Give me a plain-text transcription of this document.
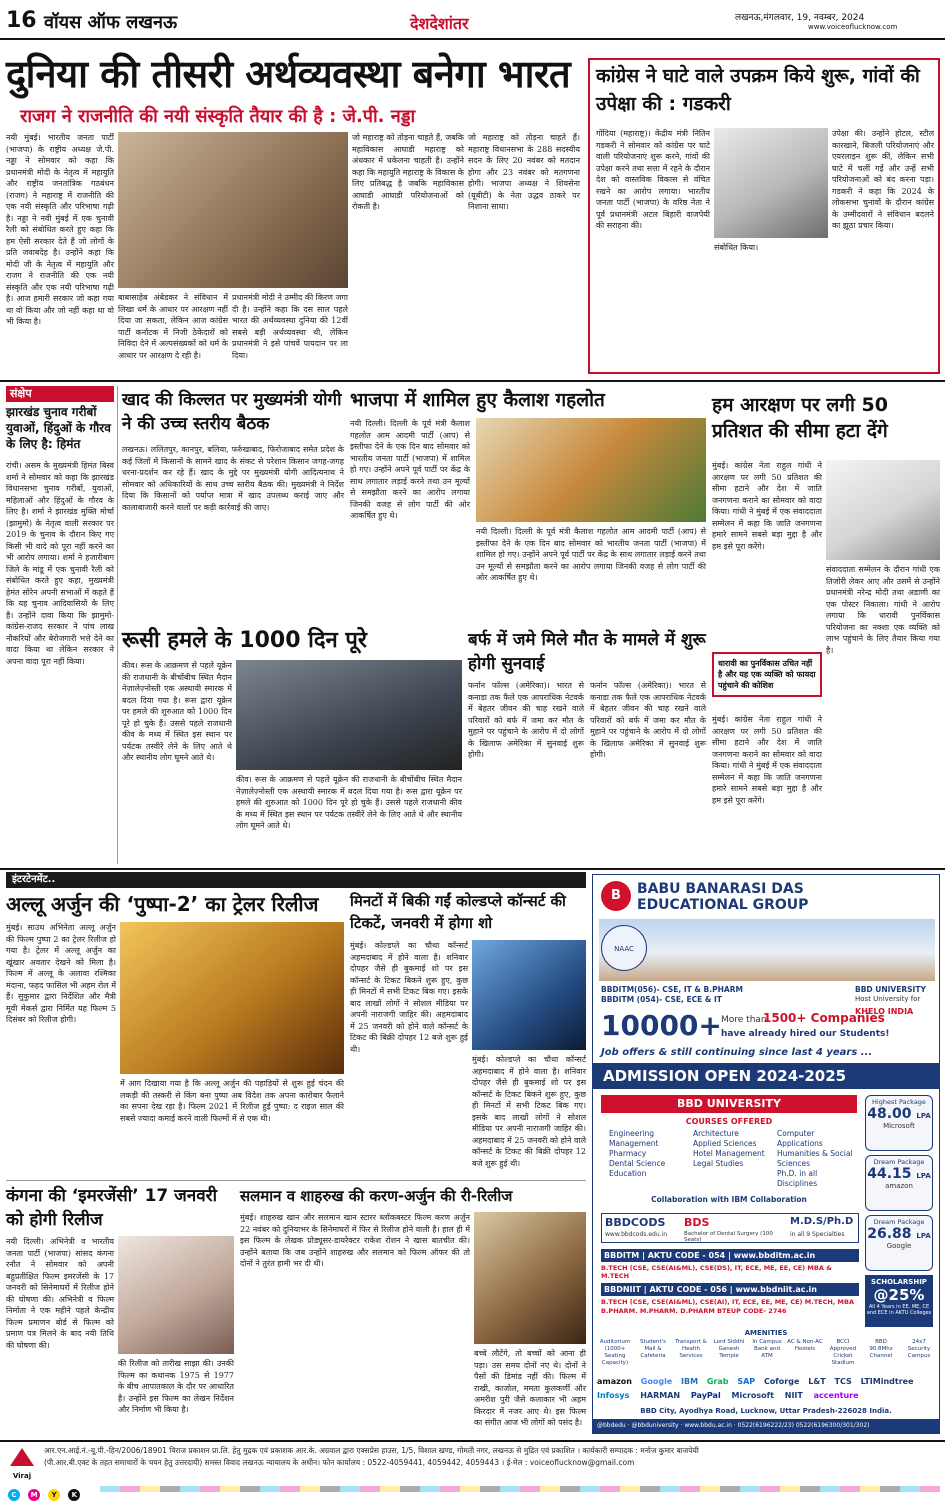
16 वॉयस ऑफ लखनऊ	देशदेशांतर	लखनऊ,मंगलवार, 19, नवम्बर, 2024
www.voiceoflucknow.com
दुनिया की तीसरी अर्थव्यवस्था बनेगा भारत
राजग ने राजनीति की नयी संस्कृति तैयार की है : जे.पी. नड्डा
नयी मुंबई। भारतीय जनता पार्टी (भाजपा) के राष्ट्रीय अध्यक्ष जे.पी. नड्डा ने सोमवार को कहा कि प्रधानमंत्री मोदी के नेतृत्व में महायुति और राष्ट्रीय जनतांत्रिक गठबंधन (राजग) ने महाराष्ट्र में राजनीति की एक नयी संस्कृति और परिभाषा गढ़ी है। नड्डा ने नवी मुंबई में एक चुनावी रैली को संबोधित करते हुए कहा कि हम ऐसी सरकार देते हैं जो लोगों के प्रति जवाबदेह है। उन्होंने कहा कि मोदी जी के नेतृत्व में महायुति और राजग ने राजनीति की एक नयी संस्कृति और एक नयी परिभाषा गढ़ी है। आज हमारी सरकार जो कहा गया था वो किया और जो नहीं कहा था वो भी किया है।
बाबासाहेब अंबेडकर ने संविधान में लिखा धर्म के आधार पर आरक्षण नहीं दिया जा सकता, लेकिन आज कांग्रेस पार्टी कर्नाटक में निजी ठेकेदारों को निविदा देने में अल्पसंख्यकों को धर्म के आधार पर आरक्षण दे रही है।
प्रधानमंत्री मोदी ने उम्मीद की किरण जगा दी है। उन्होंने कहा कि दस साल पहले भारत की अर्थव्यवस्था दुनिया की 12वीं सबसे बड़ी अर्थव्यवस्था थी, लेकिन प्रधानमंत्री ने इसे पांचवें पायदान पर ला दिया।
जो महाराष्ट्र को तोड़ना चाहते हैं, जबकि महाविकास आघाडी महाराष्ट्र को अंधकार में धकेलना चाहती है। उन्होंने कहा कि महायुति महाराष्ट्र के विकास के लिए प्रतिबद्ध है जबकि महाविकास आघाडी आघाडी परियोजनाओं को रोकती है।
जो महाराष्ट्र को तोड़ना चाहते हैं। महाराष्ट्र विधानसभा के 288 सदस्यीय सदन के लिए 20 नवंबर को मतदान होगा और 23 नवंबर को मतगणना होगी। भाजपा अध्यक्ष ने शिवसेना (यूबीटी) के नेता उद्धव ठाकरे पर निशाना साधा।
कांग्रेस ने घाटे वाले उपक्रम किये शुरू, गांवों की उपेक्षा की : गडकरी
गोंदिया (महाराष्ट्र)। केंद्रीय मंत्री नितिन गडकरी ने सोमवार को कांग्रेस पर घाटे वाली परियोजनाएं शुरू करने, गांवों की उपेक्षा करने तथा सत्ता में रहने के दौरान देश को वास्तविक विकास से वंचित रखने का आरोप लगाया। भारतीय जनता पार्टी (भाजपा) के वरिष्ठ नेता ने पूर्व प्रधानमंत्री अटल बिहारी वाजपेयी की सराहना की।
संबोधित किया।
उपेक्षा की। उन्होंने होटल, स्टील कारखाने, बिजली परियोजनाएं और एयरलाइन शुरू कीं, लेकिन सभी घाटे में चलीं गईं और उन्हें सभी परियोजनाओं को बंद करना पड़ा। गडकरी ने कहा कि 2024 के लोकसभा चुनावों के दौरान कांग्रेस के उम्मीदवारों ने संविधान बदलने का झूठा प्रचार किया।
संक्षेप
झारखंड चुनाव गरीबों युवाओं, हिंदुओं के गौरव के लिए है: हिमंत
रांची। असम के मुख्यमंत्री हिमंत बिस्व शर्मा ने सोमवार को कहा कि झारखंड विधानसभा चुनाव गरीबों, युवाओं, महिलाओं और हिंदुओं के गौरव के लिए है। शर्मा ने झारखंड मुक्ति मोर्चा (झामुमो) के नेतृत्व वाली सरकार पर 2019 के चुनाव के दौरान किए गए किसी भी वादे को पूरा नहीं करने का भी आरोप लगाया। शर्मा ने हजारीबाग जिले के मांडू में एक चुनावी रैली को संबोधित करते हुए कहा, मुख्यमंत्री हेमंत सोरेन अपनी सभाओं में कहते हैं कि यह चुनाव आदिवासियों के लिए है। उन्होंने दावा किया कि झामुमो-कांग्रेस-राजद सरकार ने पांच लाख नौकरियों और बेरोजगारी भत्ते देने का वादा किया था लेकिन सरकार ने अपना वादा पूरा नहीं किया।
खाद की किल्लत पर मुख्यमंत्री योगी ने की उच्च स्तरीय बैठक
लखनऊ। ललितपुर, कानपुर, बलिया, फर्रुखाबाद, फिरोजाबाद समेत प्रदेश के कई जिलों में किसानों के सामने खाद के संकट से परेशान किसान जगह-जगह धरना-प्रदर्शन कर रहे हैं। खाद के मुद्दे पर मुख्यमंत्री योगी आदित्यनाथ ने सोमवार को अधिकारियों के साथ उच्च स्तरीय बैठक की। मुख्यमंत्री ने निर्देश दिया कि किसानों को पर्याप्त मात्रा में खाद उपलब्ध कराई जाए और कालाबाजारी करने वालों पर कड़ी कार्रवाई की जाए।
भाजपा में शामिल हुए कैलाश गहलोत
नयी दिल्ली। दिल्ली के पूर्व मंत्री कैलाश गहलोत आम आदमी पार्टी (आप) से इस्तीफा देने के एक दिन बाद सोमवार को भारतीय जनता पार्टी (भाजपा) में शामिल हो गए। उन्होंने अपने पूर्व पार्टी पर केंद्र के साथ लगातार लड़ाई करने तथा उन मूल्यों से समझौता करने का आरोप लगाया जिनकी वजह से लोग पार्टी की ओर आकर्षित हुए थे।
नयी दिल्ली। दिल्ली के पूर्व मंत्री कैलाश गहलोत आम आदमी पार्टी (आप) से इस्तीफा देने के एक दिन बाद सोमवार को भारतीय जनता पार्टी (भाजपा) में शामिल हो गए। उन्होंने अपने पूर्व पार्टी पर केंद्र के साथ लगातार लड़ाई करने तथा उन मूल्यों से समझौता करने का आरोप लगाया जिनकी वजह से लोग पार्टी की ओर आकर्षित हुए थे।
हम आरक्षण पर लगी 50 प्रतिशत की सीमा हटा देंगे
मुंबई। कांग्रेस नेता राहुल गांधी ने आरक्षण पर लगी 50 प्रतिशत की सीमा हटाने और देश में जाति जनगणना कराने का सोमवार को वादा किया। गांधी ने मुंबई में एक संवाददाता सम्मेलन में कहा कि जाति जनगणना हमारे सामने सबसे बड़ा मुद्दा है और हम इसे पूरा करेंगे।
संवाददाता सम्मेलन के दौरान गांधी एक तिजोरी लेकर आए और उसमें से उन्होंने प्रधानमंत्री नरेन्द्र मोदी तथा अडाणी का एक पोस्टर निकाला। गांधी ने आरोप लगाया कि धारावी पुनर्विकास परियोजना का नक्शा एक व्यक्ति को लाभ पहुंचाने के लिए तैयार किया गया है।
धारावी का पुनर्विकास उचित नहीं है और यह एक व्यक्ति को फायदा पहुंचाने की कोशिश
मुंबई। कांग्रेस नेता राहुल गांधी ने आरक्षण पर लगी 50 प्रतिशत की सीमा हटाने और देश में जाति जनगणना कराने का सोमवार को वादा किया। गांधी ने मुंबई में एक संवाददाता सम्मेलन में कहा कि जाति जनगणना हमारे सामने सबसे बड़ा मुद्दा है और हम इसे पूरा करेंगे।
रूसी हमले के 1000 दिन पूरे
कीव। रूस के आक्रमण से पहले यूक्रेन की राजधानी के बीचोंबीच स्थित मैदान नेज़ालेज़्नोस्ती एक अस्थायी स्मारक में बदल दिया गया है। रूस द्वारा यूक्रेन पर हमले की शुरुआत को 1000 दिन पूरे हो चुके हैं। उससे पहले राजधानी कीव के मध्य में स्थित इस स्थान पर पर्यटक तस्वीरें लेने के लिए आते थे और स्थानीय लोग घूमने आते थे।
कीव। रूस के आक्रमण से पहले यूक्रेन की राजधानी के बीचोंबीच स्थित मैदान नेज़ालेज़्नोस्ती एक अस्थायी स्मारक में बदल दिया गया है। रूस द्वारा यूक्रेन पर हमले की शुरुआत को 1000 दिन पूरे हो चुके हैं। उससे पहले राजधानी कीव के मध्य में स्थित इस स्थान पर पर्यटक तस्वीरें लेने के लिए आते थे और स्थानीय लोग घूमने आते थे।
बर्फ में जमे मिले मौत के मामले में शुरू होगी सुनवाई
फर्नान फॉल्स (अमेरिका)। भारत से कनाडा तक फैले एक आपराधिक नेटवर्क में बेहतर जीवन की चाह रखने वाले परिवारों को बर्फ में जमा कर मौत के मुहाने पर पहुंचाने के आरोप में दो लोगों के खिलाफ अमेरिका में सुनवाई शुरू होगी।
फर्नान फॉल्स (अमेरिका)। भारत से कनाडा तक फैले एक आपराधिक नेटवर्क में बेहतर जीवन की चाह रखने वाले परिवारों को बर्फ में जमा कर मौत के मुहाने पर पहुंचाने के आरोप में दो लोगों के खिलाफ अमेरिका में सुनवाई शुरू होगी।
इंटरटेनमेंट..
अल्लू अर्जुन की ‘पुष्पा-2’ का ट्रेलर रिलीज
मुंबई। साउथ अभिनेता अल्लू अर्जुन की फिल्म पुष्पा 2 का ट्रेलर रिलीज हो गया है। ट्रेलर में अल्लू अर्जुन का खूंखार अवतार देखने को मिला है। फिल्म में अल्लू के अलावा रश्मिका मंदाना, फहद फासिल भी अहम रोल में हैं। सुकुमार द्वारा निर्देशित और मैत्री मूवी मेकर्स द्वारा निर्मित यह फिल्म 5 दिसंबर को रिलीज होगी।
में आग दिखाया गया है कि अल्लू अर्जुन की पहाड़ियों से शुरू हुई चंदन की लकड़ी की तस्करी से किंग बना पुष्पा अब विदेश तक अपना कारोबार फैलाने का सपना देख रहा है। फिल्म 2021 में रिलीज हुई पुष्पा: द राइज साल की सबसे ज्यादा कमाई करने वाली फिल्मों में से एक थी।
मिनटों में बिकी गईं कोल्डप्ले कॉन्सर्ट की टिकटें, जनवरी में होगा शो
मुंबई। कोल्डप्ले का चौथा कॉन्सर्ट अहमदाबाद में होने वाला है। शनिवार दोपहर जैसे ही बुकमाई शो पर इस कॉन्सर्ट के टिकट बिकने शुरू हुए, कुछ ही मिनटों में सभी टिकट बिक गए। इसके बाद लाखों लोगों ने सोशल मीडिया पर अपनी नाराजगी जाहिर की। अहमदाबाद में 25 जनवरी को होने वाले कॉन्सर्ट के टिकट की बिक्री दोपहर 12 बजे शुरू हुई थी।
मुंबई। कोल्डप्ले का चौथा कॉन्सर्ट अहमदाबाद में होने वाला है। शनिवार दोपहर जैसे ही बुकमाई शो पर इस कॉन्सर्ट के टिकट बिकने शुरू हुए, कुछ ही मिनटों में सभी टिकट बिक गए। इसके बाद लाखों लोगों ने सोशल मीडिया पर अपनी नाराजगी जाहिर की। अहमदाबाद में 25 जनवरी को होने वाले कॉन्सर्ट के टिकट की बिक्री दोपहर 12 बजे शुरू हुई थी।
कंगना की ‘इमरजेंसी’ 17 जनवरी को होगी रिलीज
नयी दिल्ली। अभिनेत्री व भारतीय जनता पार्टी (भाजपा) सांसद कंगना रनौत ने सोमवार को अपनी बहुप्रतीक्षित फिल्म इमरजेंसी के 17 जनवरी को सिनेमाघरों में रिलीज होने की घोषणा की। अभिनेत्री व फिल्म निर्माता ने एक महीने पहले केन्द्रीय फिल्म प्रमाणन बोर्ड से फिल्म को प्रमाण पत्र मिलने के बाद नयी तिथि की घोषणा की।
की रिलीज को तारीख साझा की। उनकी फिल्म का कथानक 1975 से 1977 के बीच आपातकाल के दौर पर आधारित है। उन्होंने इस फिल्म का लेखन निर्देशन और निर्माण भी किया है।
सलमान व शाहरुख की करण-अर्जुन की री-रिलीज
मुंबई। शाहरुख खान और सलमान खान स्टारर ब्लॉकबस्टर फिल्म करण अर्जुन 22 नवंबर को दुनियाभर के सिनेमाघरों में फिर से रिलीज होने वाली है। हाल ही में इस फिल्म के लेखक प्रोड्यूसर-डायरेक्टर राकेश रोशन ने खास बातचीत की। उन्होंने बताया कि जब उन्होंने शाहरुख और सलमान को फिल्म ऑफर की तो दोनों ने तुरंत हामी भर दी थी।
बच्चे लौटेंगे, तो बच्चों को आना ही पड़ा। उस समय दोनों नए थे। दोनों ने पैसों की डिमांड नहीं की। फिल्म में राखी, काजोल, ममता कुलकर्णी और अमरीश पुरी जैसे कलाकार भी अहम किरदार में नजर आए थे। इस फिल्म का संगीत आज भी लोगों को पसंद है।
B	BABU BANARASI DAS
EDUCATIONAL GROUP
NAAC
BBDITM(056)- CSE, IT & B.PHARM
BBDITM (054)- CSE, ECE & IT
BBD UNIVERSITY
Host University for
KHELO INDIA
10000+ More than
1500+ Companies
have already hired our Students!
Job offers & still continuing since last 4 years ...
ADMISSION OPEN 2024-2025
BBD UNIVERSITY
COURSES OFFERED
Engineering
Management
Pharmacy
Dental Science
Education
Architecture
Applied Sciences
Hotel Management
Legal Studies
Computer Applications
Humanities & Social Sciences
Ph.D. in all Disciplines
Collaboration with IBM Collaboration
Highest Package
48.00 LPA
Microsoft
Dream Package
44.15 LPA
amazon
Dream Package
26.88 LPA
Google
BBDCODS
www.bbdcods.edu.in
BDS
Bachelor of Dental Surgery (100 Seats)
M.D.S/Ph.D
in all 9 Specialties
BBDITM | AKTU CODE - 054 | www.bbditm.ac.in
B.TECH (CSE, CSE(AI&ML), CSE(DS), IT, ECE, ME, EE, CE) MBA & M.TECH
BBDNIIT | AKTU CODE - 056 | www.bbdniit.ac.in
B.TECH (CSE, CSE(AI&ML), CSE(AI), IT, ECE, EE, ME, CE) M.TECH, MBA B.PHARM. M.PHARM. D.PHARM BTEUP CODE- 2746
SCHOLARSHIP
@25%
All 4 Years in EE, ME, CE and ECE in AKTU Colleges
AMENITIES
Auditorium (1000+ Seating Capacity)
Student's Mall & Cafeteria
Transport & Health Services
Lord Siddhi Ganesh Temple
In Campus Bank and ATM
AC & Non-AC Hostels
BCCI Approved Cricket Stadium
BBD 90.8Mhz Channel
24x7 Security Campus
amazon Google IBM Grab SAP Coforge L&T TCS LTIMindtree
Infosys HARMAN PayPal Microsoft NIIT accenture
BBD City, Ayodhya Road, Lucknow, Uttar Pradesh-226028 India.
@bbdedu · @bbduniversity · www.bbdu.ac.in · 0522(6196222/23) 0522(6196300/301/302)
Viraj
आर.एन.आई.नं.-यू.पी.-हिन/2006/18901 विराज प्रकाशन प्रा.लि. हेतु मुद्रक एवं प्रकाशक आर.के. अग्रवाल द्वारा एक्सप्रेस हाउस, 1/5, विशाल खण्ड, गोमती नगर, लखनऊ से मुद्रित एवं प्रकाशित । कार्यकारी सम्पादक : मनोज कुमार बाजपेयी
(पी.आर.बी.एक्ट के तहत समाचारों के चयन हेतु उत्तरदायी) समस्त विवाद लखनऊ न्यायालय के अधीन। फोन कार्यालय : 0522-4059441, 4059442, 4059443 । ई-मेल : voiceoflucknow@gmail.com
C M Y K
